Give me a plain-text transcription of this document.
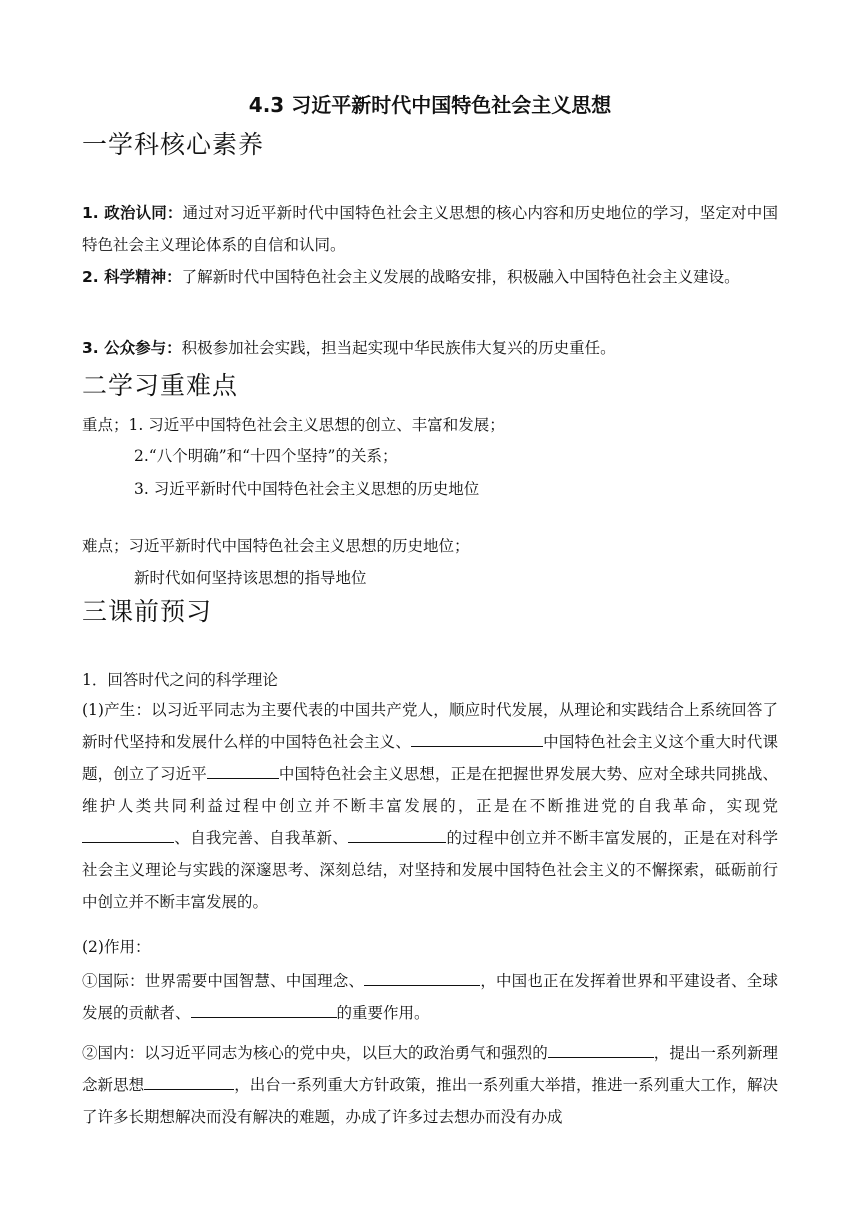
4.3 习近平新时代中国特色社会主义思想
一学科核心素养
1. 政治认同：通过对习近平新时代中国特色社会主义思想的核心内容和历史地位的学习，坚定对中国特色社会主义理论体系的自信和认同。
2. 科学精神：了解新时代中国特色社会主义发展的战略安排，积极融入中国特色社会主义建设。
3. 公众参与：积极参加社会实践，担当起实现中华民族伟大复兴的历史重任。
二学习重难点
重点；1. 习近平中国特色社会主义思想的创立、丰富和发展；
2.“八个明确”和“十四个坚持”的关系；
3. 习近平新时代中国特色社会主义思想的历史地位
难点；习近平新时代中国特色社会主义思想的历史地位；
新时代如何坚持该思想的指导地位
三课前预习
1．回答时代之问的科学理论
(1)产生：以习近平同志为主要代表的中国共产党人，顺应时代发展，从理论和实践结合上系统回答了新时代坚持和发展什么样的中国特色社会主义、	中国特色社会主义这个重大时代课题，创立了习近平	中国特色社会主义思想，正是在把握世界发展大势、应对全球共同挑战、维护人类共同利益过程中创立并不断丰富发展的，正是在不断推进党的自我革命，实现党、自我完善、自我革新、	的过程中创立并不断丰富发展的，正是在对科学社会主义理论与实践的深邃思考、深刻总结，对坚持和发展中国特色社会主义的不懈探索，砥砺前行中创立并不断丰富发展的。
(2)作用：
①国际：世界需要中国智慧、中国理念、	，中国也正在发挥着世界和平建设者、全球发展的贡献者、	的重要作用。
②国内：以习近平同志为核心的党中央，以巨大的政治勇气和强烈的	，提出一系列新理念新思想	，出台一系列重大方针政策，推出一系列重大举措，推进一系列重大工作，解决了许多长期想解决而没有解决的难题，办成了许多过去想办而没有办成
